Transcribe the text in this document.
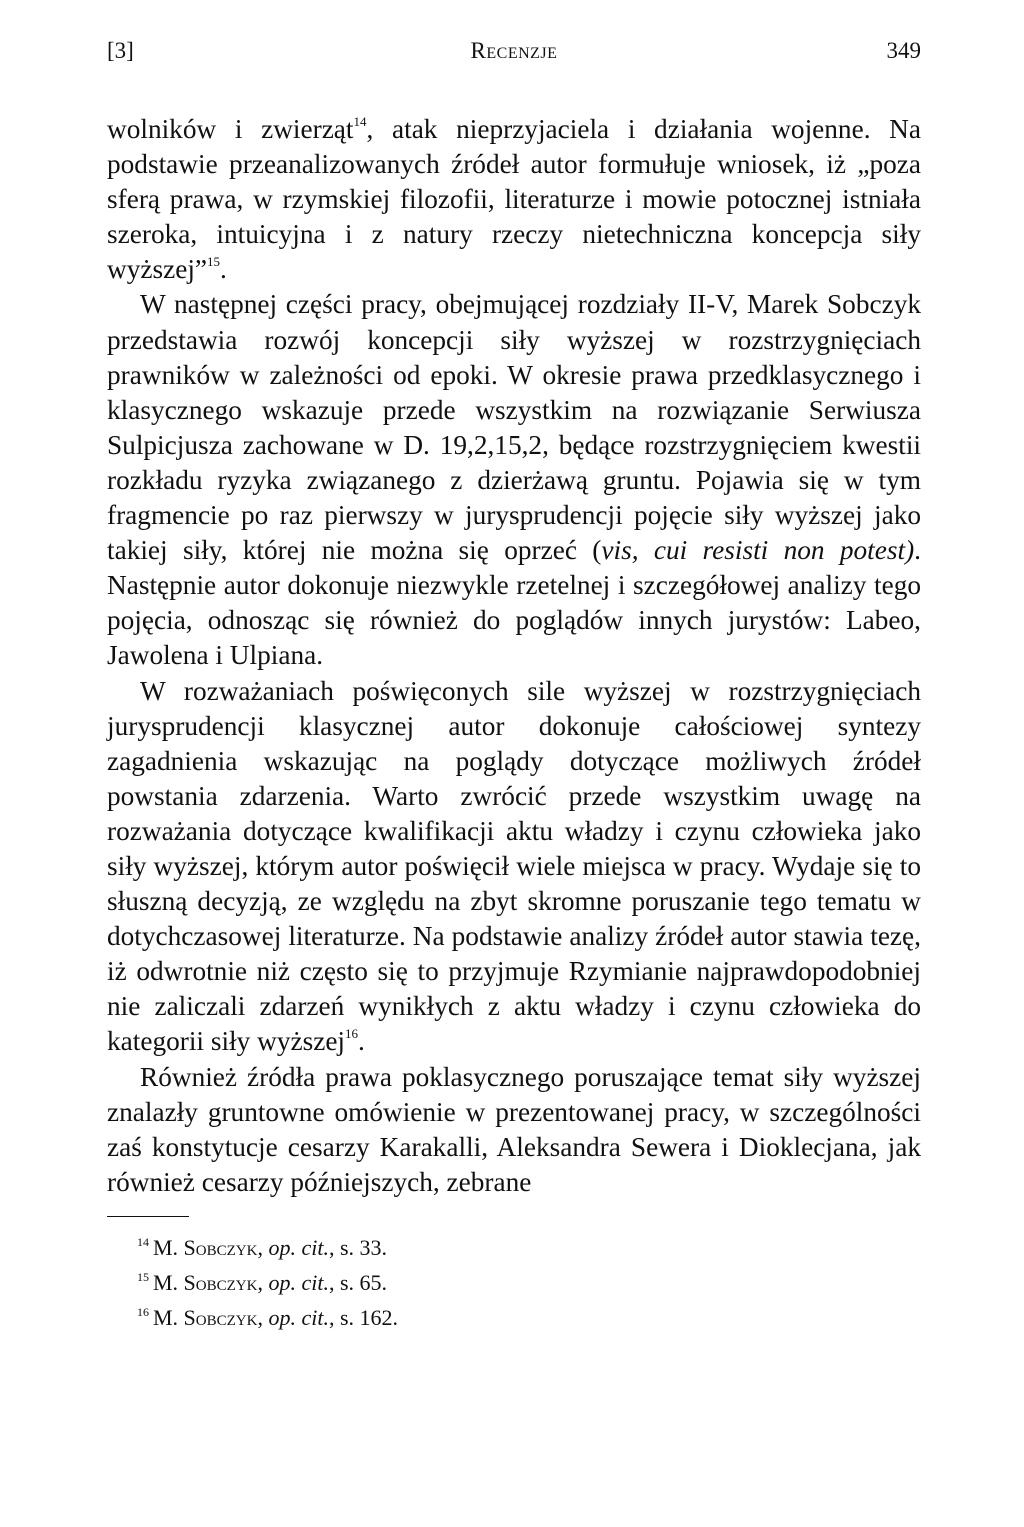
[3]	Recenzje	349

wolników i zwierząt$^{14}$, atak nieprzyjaciela i działania wojenne. Na podstawie przeanalizowanych źródeł autor formułuje wniosek, iż „poza sferą prawa, w rzymskiej filozofii, literaturze i mowie potocznej istniała szeroka, intuicyjna i z natury rzeczy nietechniczna koncepcja siły wyższej”$^{15}$.

W następnej części pracy, obejmującej rozdziały II-V, Marek Sobczyk przedstawia rozwój koncepcji siły wyższej w rozstrzygnięciach prawników w zależności od epoki. W okresie prawa przedklasycznego i klasycznego wskazuje przede wszystkim na rozwiązanie Serwiusza Sulpicjusza zachowane w D. 19,2,15,2, będące rozstrzygnięciem kwestii rozkładu ryzyka związanego z dzierżawą gruntu. Pojawia się w tym fragmencie po raz pierwszy w jurysprudencji pojęcie siły wyższej jako takiej siły, której nie można się oprzeć (vis, cui resisti non potest). Następnie autor dokonuje niezwykle rzetelnej i szczegółowej analizy tego pojęcia, odnosząc się również do poglądów innych jurystów: Labeo, Jawolena i Ulpiana.

W rozważaniach poświęconych sile wyższej w rozstrzygnięciach jurysprudencji klasycznej autor dokonuje całościowej syntezy zagadnienia wskazując na poglądy dotyczące możliwych źródeł powstania zdarzenia. Warto zwrócić przede wszystkim uwagę na rozważania dotyczące kwalifikacji aktu władzy i czynu człowieka jako siły wyższej, którym autor poświęcił wiele miejsca w pracy. Wydaje się to słuszną decyzją, ze względu na zbyt skromne poruszanie tego tematu w dotychczasowej literaturze. Na podstawie analizy źródeł autor stawia tezę, iż odwrotnie niż często się to przyjmuje Rzymianie najprawdopodobniej nie zaliczali zdarzeń wynikłych z aktu władzy i czynu człowieka do kategorii siły wyższej$^{16}$.

Również źródła prawa poklasycznego poruszające temat siły wyższej znalazły gruntowne omówienie w prezentowanej pracy, w szczególności zaś konstytucje cesarzy Karakalli, Aleksandra Sewera i Dioklecjana, jak również cesarzy późniejszych, zebrane

$^{14}$ M. Sobczyk, op. cit., s. 33.
$^{15}$ M. Sobczyk, op. cit., s. 65.
$^{16}$ M. Sobczyk, op. cit., s. 162.
